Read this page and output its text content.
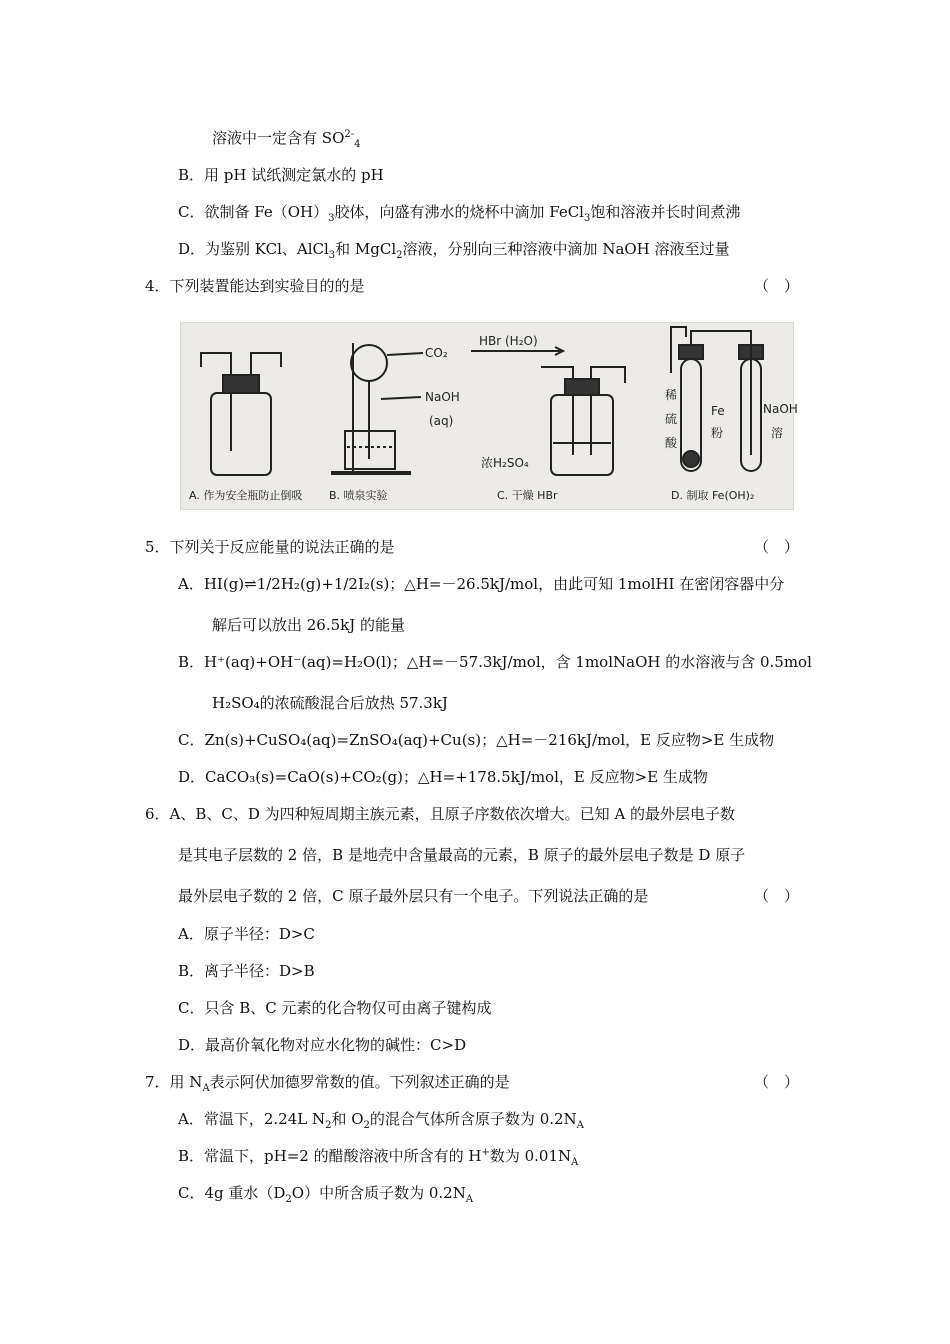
溶液中一定含有 $SO^{2-}_4$
B．用 pH 试纸测定氯水的 pH
C．欲制备 $Fe(OH)_3$胶体，向盛有沸水的烧杯中滴加 FeCl$_3$饱和溶液并长时间煮沸
D．为鉴别 KCl、AlCl$_3$和 MgCl$_2$溶液，分别向三种溶液中滴加 NaOH 溶液至过量
4．下列装置能达到实验目的的是	（　）
CO₂
NaOH
(aq)
HBr (H₂O)
浓H₂SO₄
稀
硫
酸
Fe
粉
NaOH
溶
A. 作为安全瓶防止倒吸 B. 喷泉实验	C. 干燥 HBr	D. 制取 Fe(OH)₂
5．下列关于反应能量的说法正确的是	（　）
A．HI(g)⇌1/2H₂(g)+1/2I₂(s)；△H=－26.5kJ/mol，由此可知 1molHI 在密闭容器中分
解后可以放出 26.5kJ 的能量
B．H⁺(aq)+OH⁻(aq)=H₂O(l)；△H=－57.3kJ/mol，含 1molNaOH 的水溶液与含 0.5mol
H₂SO₄的浓硫酸混合后放热 57.3kJ
C．Zn(s)+CuSO₄(aq)=ZnSO₄(aq)+Cu(s)；△H=－216kJ/mol，E 反应物>E 生成物
D．CaCO₃(s)=CaO(s)+CO₂(g)；△H=+178.5kJ/mol，E 反应物>E 生成物
6．A、B、C、D 为四种短周期主族元素，且原子序数依次增大。已知 A 的最外层电子数
是其电子层数的 2 倍，B 是地壳中含量最高的元素，B 原子的最外层电子数是 D 原子
最外层电子数的 2 倍，C 原子最外层只有一个电子。下列说法正确的是	（　）
A．原子半径：D>C
B．离子半径：D>B
C．只含 B、C 元素的化合物仅可由离子键构成
D．最高价氧化物对应水化物的碱性：C>D
7．用 $N_A$表示阿伏加德罗常数的值。下列叙述正确的是	（　）
A．常温下，2.24L $N_2$和 $O_2$的混合气体所含原子数为 $0.2N_A$
B．常温下，pH=2 的醋酸溶液中所含有的 H+数为 $0.01N_A$
C．4g 重水$(D_2O)$中所含质子数为 $0.2N_A$
